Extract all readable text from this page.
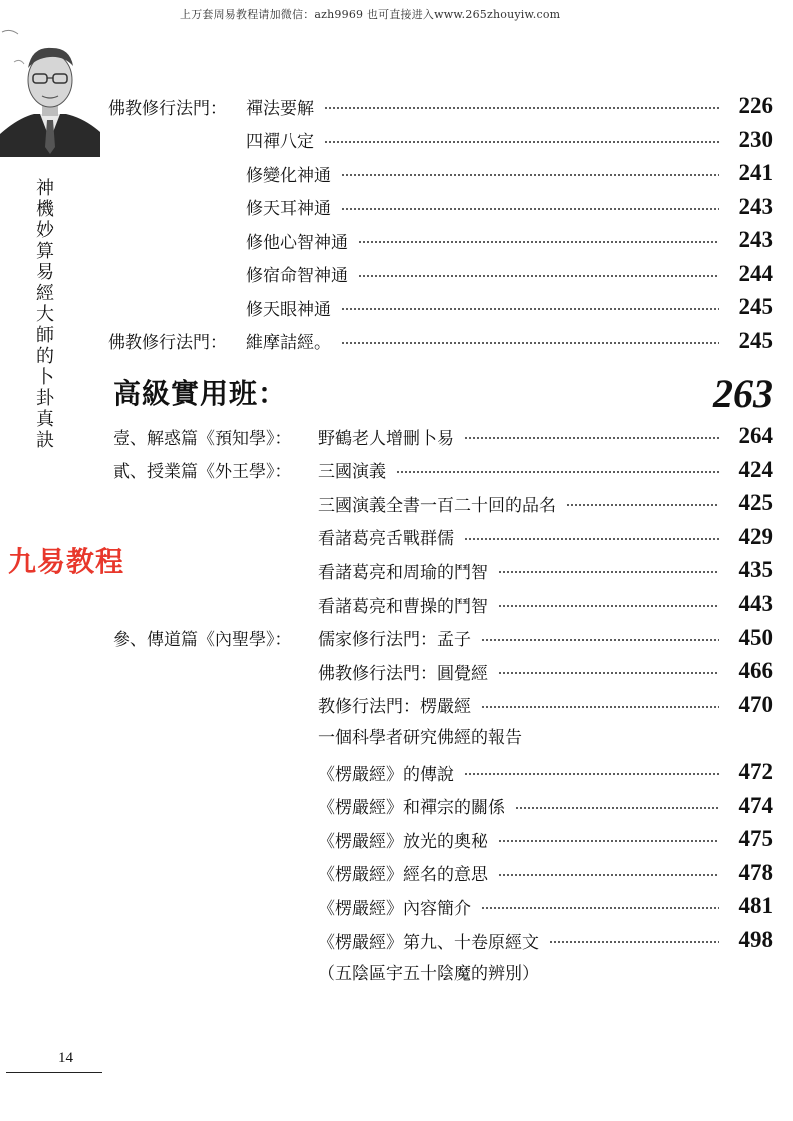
上万套周易教程请加微信：azh9969 也可直接进入www.265zhouyiw.com
神機妙算易經大師的卜卦真訣
九易教程
佛教修行法門： 禪法要解	226
四禪八定	230
修變化神通	241
修天耳神通	243
修他心智神通	243
修宿命智神通	244
修天眼神通	245
佛教修行法門： 維摩詰經。	245
高級實用班：	263
壹、解惑篇《預知學》： 野鶴老人增刪卜易	264
貳、授業篇《外王學》： 三國演義	424
三國演義全書一百二十回的品名	425
看諸葛亮舌戰群儒	429
看諸葛亮和周瑜的鬥智	435
看諸葛亮和曹操的鬥智	443
參、傳道篇《內聖學》： 儒家修行法門：孟子	450
佛教修行法門：圓覺經	466
教修行法門：楞嚴經	470
一個科學者研究佛經的報告
《楞嚴經》的傳說	472
《楞嚴經》和禪宗的關係	474
《楞嚴經》放光的奧秘	475
《楞嚴經》經名的意思	478
《楞嚴經》內容簡介	481
《楞嚴經》第九、十卷原經文	498
（五陰區宇五十陰魔的辨別）
14
